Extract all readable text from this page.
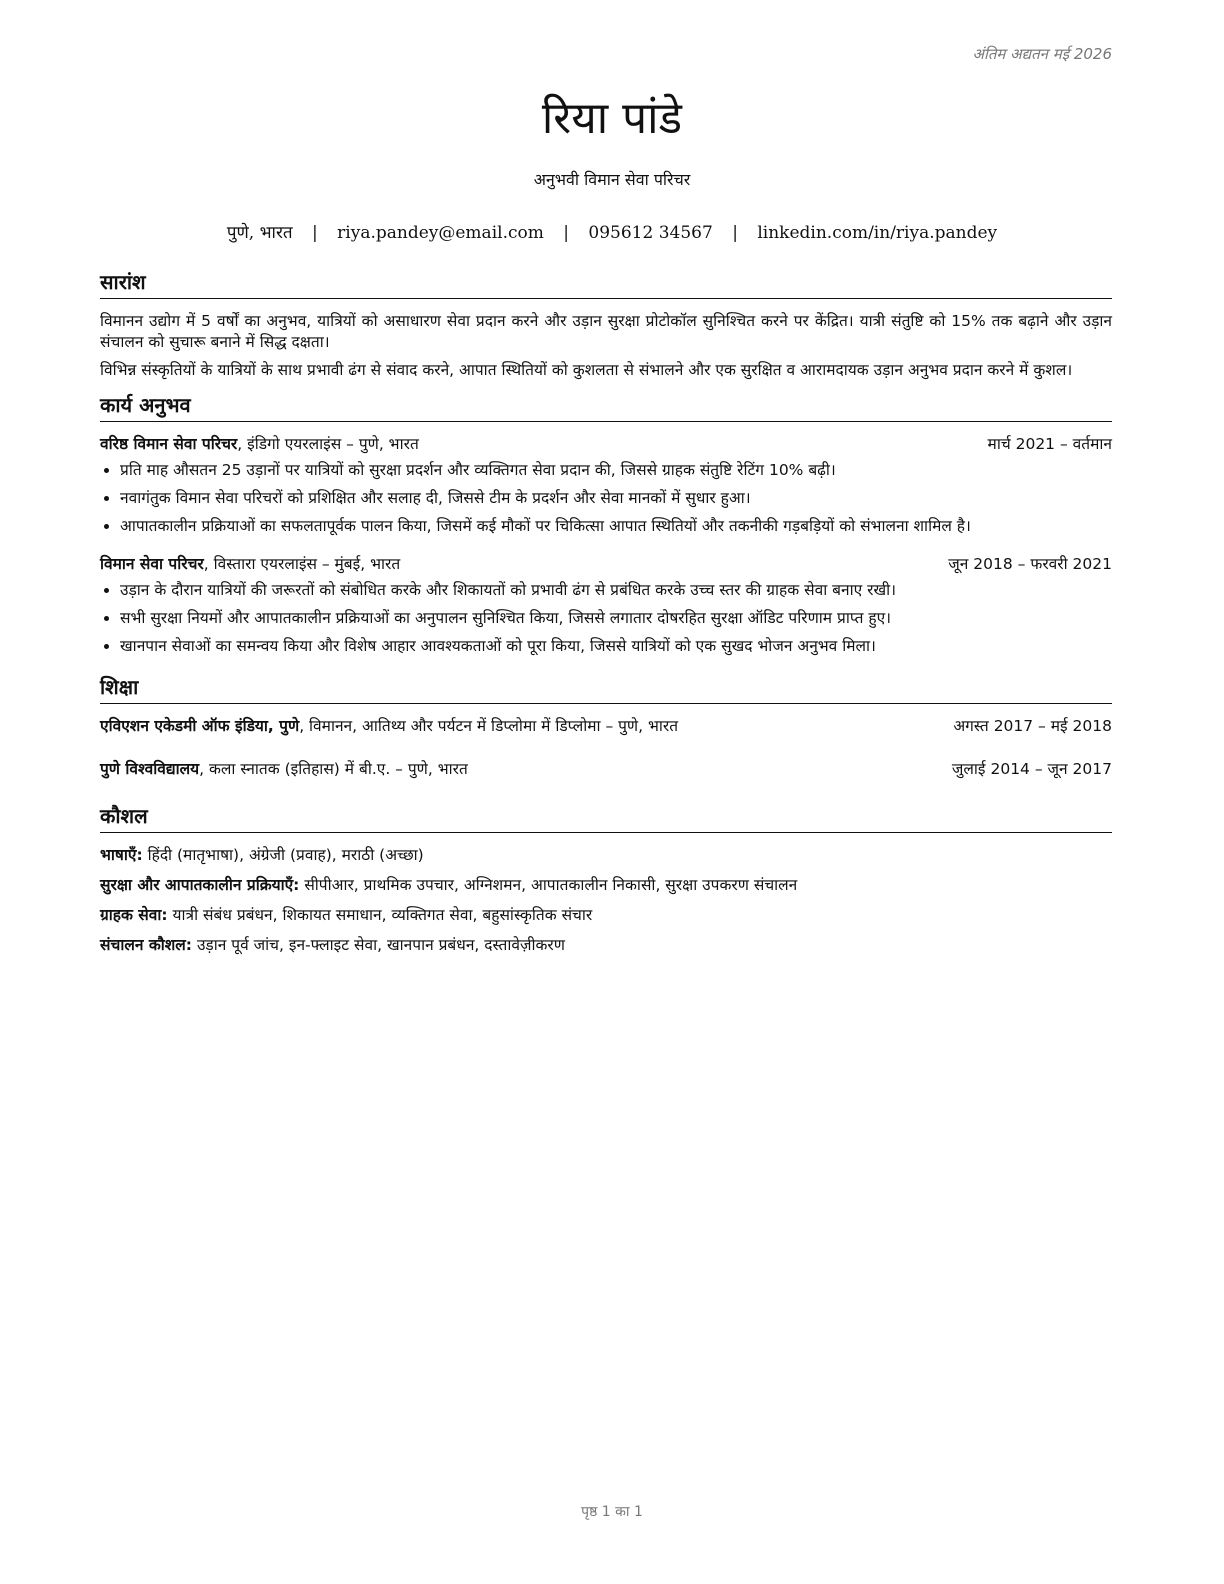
अंतिम अद्यतन मई 2026
रिया पांडे
अनुभवी विमान सेवा परिचर
पुणे, भारत | riya.pandey@email.com | 095612 34567 | linkedin.com/in/riya.pandey
सारांश

विमानन उद्योग में 5 वर्षों का अनुभव, यात्रियों को असाधारण सेवा प्रदान करने और उड़ान सुरक्षा प्रोटोकॉल सुनिश्चित करने पर केंद्रित। यात्री संतुष्टि को 15% तक बढ़ाने और उड़ान संचालन को सुचारू बनाने में सिद्ध दक्षता।

विभिन्न संस्कृतियों के यात्रियों के साथ प्रभावी ढंग से संवाद करने, आपात स्थितियों को कुशलता से संभालने और एक सुरक्षित व आरामदायक उड़ान अनुभव प्रदान करने में कुशल।

कार्य अनुभव
वरिष्ठ विमान सेवा परिचर, इंडिगो एयरलाइंस – पुणे, भारत	मार्च 2021 – वर्तमान
• प्रति माह औसतन 25 उड़ानों पर यात्रियों को सुरक्षा प्रदर्शन और व्यक्तिगत सेवा प्रदान की, जिससे ग्राहक संतुष्टि रेटिंग 10% बढ़ी।
• नवागंतुक विमान सेवा परिचरों को प्रशिक्षित और सलाह दी, जिससे टीम के प्रदर्शन और सेवा मानकों में सुधार हुआ।
• आपातकालीन प्रक्रियाओं का सफलतापूर्वक पालन किया, जिसमें कई मौकों पर चिकित्सा आपात स्थितियों और तकनीकी गड़बड़ियों को संभालना शामिल है।
विमान सेवा परिचर, विस्तारा एयरलाइंस – मुंबई, भारत	जून 2018 – फरवरी 2021
• उड़ान के दौरान यात्रियों की जरूरतों को संबोधित करके और शिकायतों को प्रभावी ढंग से प्रबंधित करके उच्च स्तर की ग्राहक सेवा बनाए रखी।
• सभी सुरक्षा नियमों और आपातकालीन प्रक्रियाओं का अनुपालन सुनिश्चित किया, जिससे लगातार दोषरहित सुरक्षा ऑडिट परिणाम प्राप्त हुए।
• खानपान सेवाओं का समन्वय किया और विशेष आहार आवश्यकताओं को पूरा किया, जिससे यात्रियों को एक सुखद भोजन अनुभव मिला।
शिक्षा
एविएशन एकेडमी ऑफ इंडिया, पुणे, विमानन, आतिथ्य और पर्यटन में डिप्लोमा में डिप्लोमा – पुणे, भारत	अगस्त 2017 – मई 2018
पुणे विश्वविद्यालय, कला स्नातक (इतिहास) में बी.ए. – पुणे, भारत	जुलाई 2014 – जून 2017
कौशल
भाषाएँ: हिंदी (मातृभाषा), अंग्रेजी (प्रवाह), मराठी (अच्छा)
सुरक्षा और आपातकालीन प्रक्रियाएँ: सीपीआर, प्राथमिक उपचार, अग्निशमन, आपातकालीन निकासी, सुरक्षा उपकरण संचालन
ग्राहक सेवा: यात्री संबंध प्रबंधन, शिकायत समाधान, व्यक्तिगत सेवा, बहुसांस्कृतिक संचार
संचालन कौशल: उड़ान पूर्व जांच, इन-फ्लाइट सेवा, खानपान प्रबंधन, दस्तावेज़ीकरण
पृष्ठ 1 का 1
